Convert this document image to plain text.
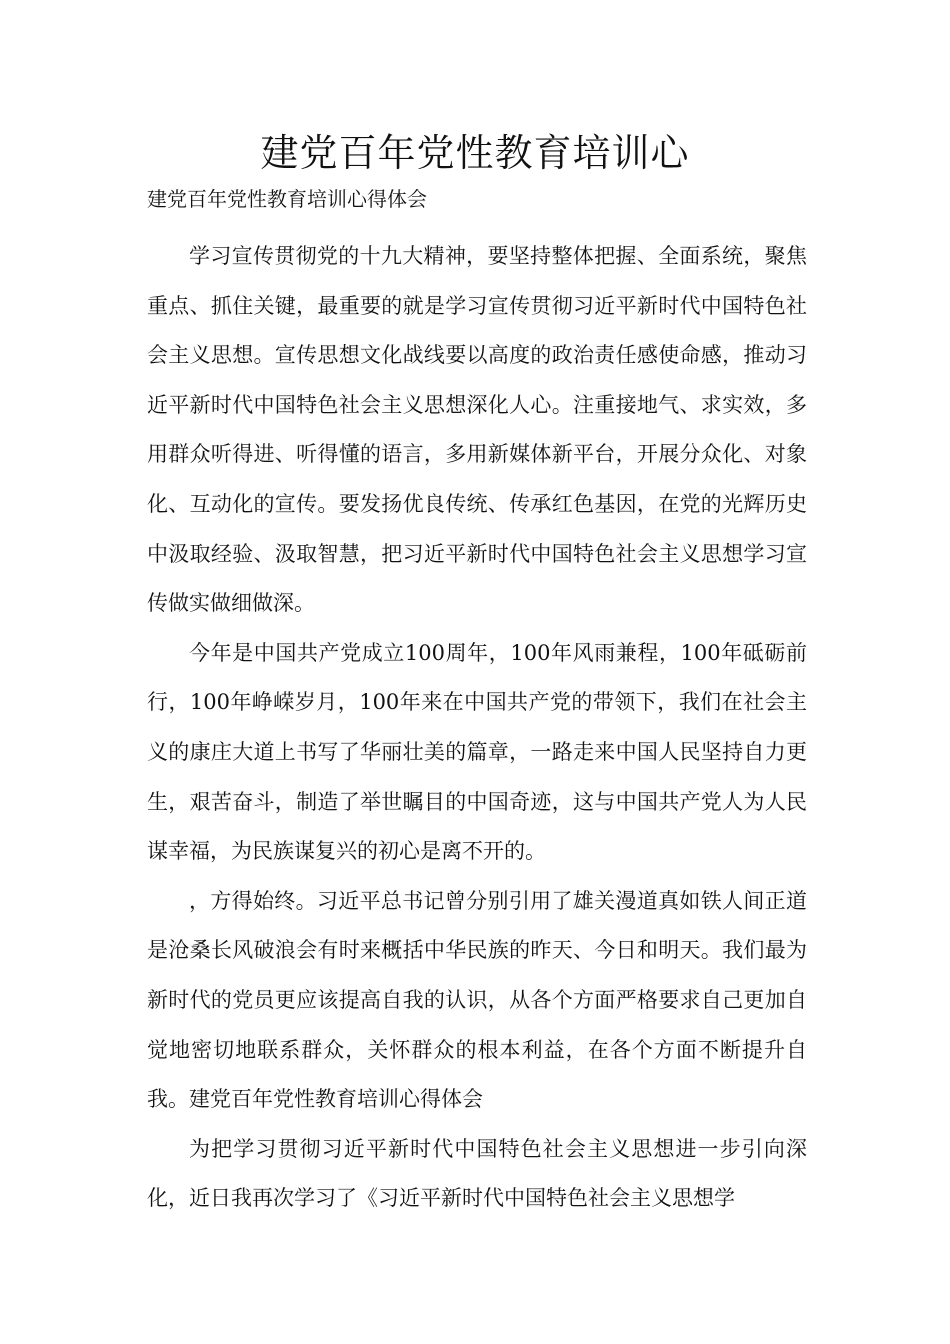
建党百年党性教育培训心

建党百年党性教育培训心得体会

学习宣传贯彻党的十九大精神，要坚持整体把握、全面系统，聚焦重点、抓住关键，最重要的就是学习宣传贯彻习近平新时代中国特色社会主义思想。宣传思想文化战线要以高度的政治责任感使命感，推动习近平新时代中国特色社会主义思想深化人心。注重接地气、求实效，多用群众听得进、听得懂的语言，多用新媒体新平台，开展分众化、对象化、互动化的宣传。要发扬优良传统、传承红色基因，在党的光辉历史中汲取经验、汲取智慧，把习近平新时代中国特色社会主义思想学习宣传做实做细做深。

今年是中国共产党成立100周年，100年风雨兼程，100年砥砺前行，100年峥嵘岁月，100年来在中国共产党的带领下，我们在社会主义的康庄大道上书写了华丽壮美的篇章，一路走来中国人民坚持自力更生，艰苦奋斗，制造了举世瞩目的中国奇迹，这与中国共产党人为人民谋幸福，为民族谋复兴的初心是离不开的。

，方得始终。习近平总书记曾分别引用了雄关漫道真如铁人间正道是沧桑长风破浪会有时来概括中华民族的昨天、今日和明天。我们最为新时代的党员更应该提高自我的认识，从各个方面严格要求自己更加自觉地密切地联系群众，关怀群众的根本利益，在各个方面不断提升自我。建党百年党性教育培训心得体会

为把学习贯彻习近平新时代中国特色社会主义思想进一步引向深化，近日我再次学习了《习近平新时代中国特色社会主义思想学
